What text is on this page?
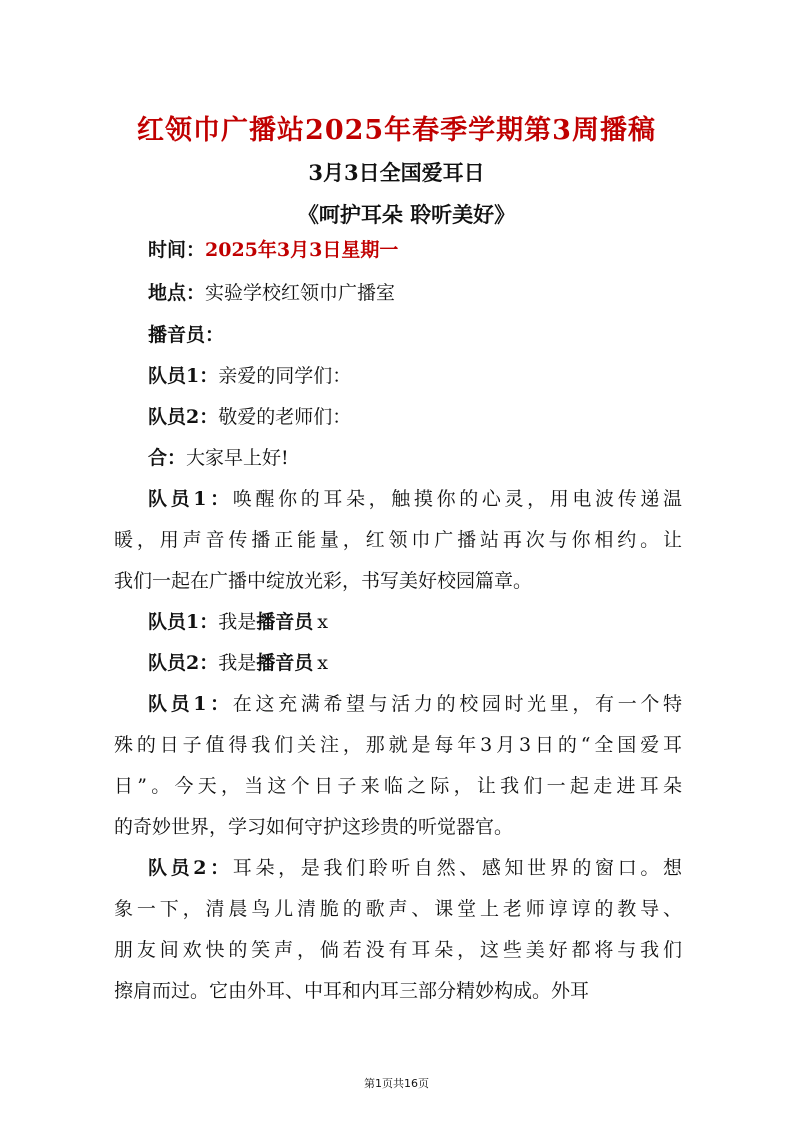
红领巾广播站2025年春季学期第3周播稿
3月3日全国爱耳日
《呵护耳朵 聆听美好》
时间：2025年3月3日星期一
地点：实验学校红领巾广播室
播音员：
队员1：亲爱的同学们：
队员2：敬爱的老师们：
合：大家早上好!
队员1：唤醒你的耳朵，触摸你的心灵，用电波传递温
暖，用声音传播正能量，红领巾广播站再次与你相约。让
我们一起在广播中绽放光彩，书写美好校园篇章。
队员1：我是播音员 x
队员2：我是播音员 x
队员1：在这充满希望与活力的校园时光里，有一个特
殊的日子值得我们关注，那就是每年3月3日的“全国爱耳
日”。今天，当这个日子来临之际，让我们一起走进耳朵
的奇妙世界，学习如何守护这珍贵的听觉器官。
队员2：耳朵，是我们聆听自然、感知世界的窗口。想
象一下，清晨鸟儿清脆的歌声、课堂上老师谆谆的教导、
朋友间欢快的笑声，倘若没有耳朵，这些美好都将与我们
擦肩而过。它由外耳、中耳和内耳三部分精妙构成。外耳
第1页共16页
